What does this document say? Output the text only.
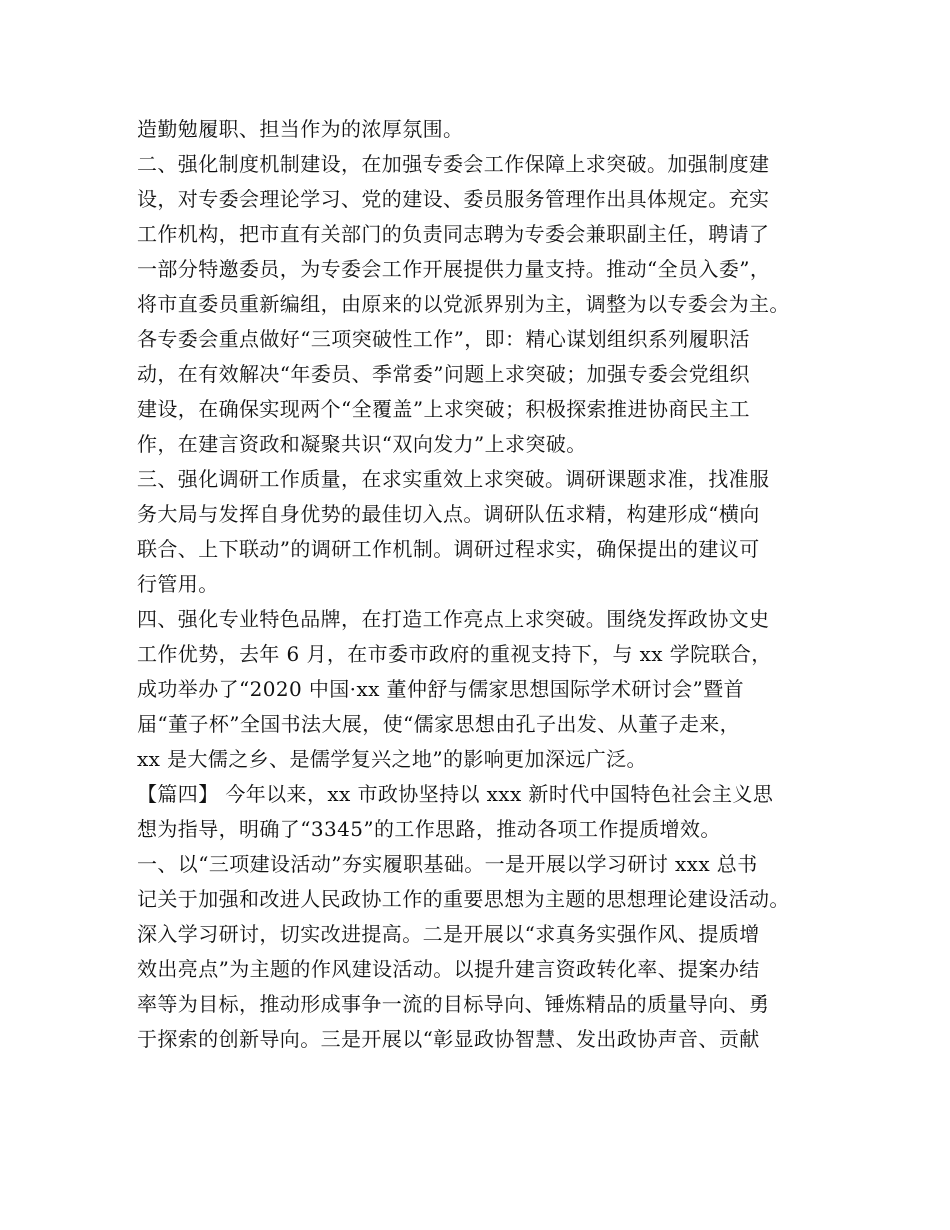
造勤勉履职、担当作为的浓厚氛围。
二、强化制度机制建设，在加强专委会工作保障上求突破。加强制度建
设，对专委会理论学习、党的建设、委员服务管理作出具体规定。充实
工作机构，把市直有关部门的负责同志聘为专委会兼职副主任，聘请了
一部分特邀委员，为专委会工作开展提供力量支持。推动“全员入委”，
将市直委员重新编组，由原来的以党派界别为主，调整为以专委会为主。
各专委会重点做好“三项突破性工作”，即：精心谋划组织系列履职活
动，在有效解决“年委员、季常委”问题上求突破；加强专委会党组织
建设，在确保实现两个“全覆盖”上求突破；积极探索推进协商民主工
作，在建言资政和凝聚共识“双向发力”上求突破。
三、强化调研工作质量，在求实重效上求突破。调研课题求准，找准服
务大局与发挥自身优势的最佳切入点。调研队伍求精，构建形成“横向
联合、上下联动”的调研工作机制。调研过程求实，确保提出的建议可
行管用。
四、强化专业特色品牌，在打造工作亮点上求突破。围绕发挥政协文史
工作优势，去年 6 月，在市委市政府的重视支持下，与 xx 学院联合，
成功举办了“2020 中国·xx 董仲舒与儒家思想国际学术研讨会”暨首
届“董子杯”全国书法大展，使“儒家思想由孔子出发、从董子走来，
xx 是大儒之乡、是儒学复兴之地”的影响更加深远广泛。
【篇四】 今年以来，xx 市政协坚持以 xxx 新时代中国特色社会主义思
想为指导，明确了“3345”的工作思路，推动各项工作提质增效。
一、以“三项建设活动”夯实履职基础。一是开展以学习研讨 xxx 总书
记关于加强和改进人民政协工作的重要思想为主题的思想理论建设活动。
深入学习研讨，切实改进提高。二是开展以“求真务实强作风、提质增
效出亮点”为主题的作风建设活动。以提升建言资政转化率、提案办结
率等为目标，推动形成事争一流的目标导向、锤炼精品的质量导向、勇
于探索的创新导向。三是开展以“彰显政协智慧、发出政协声音、贡献
